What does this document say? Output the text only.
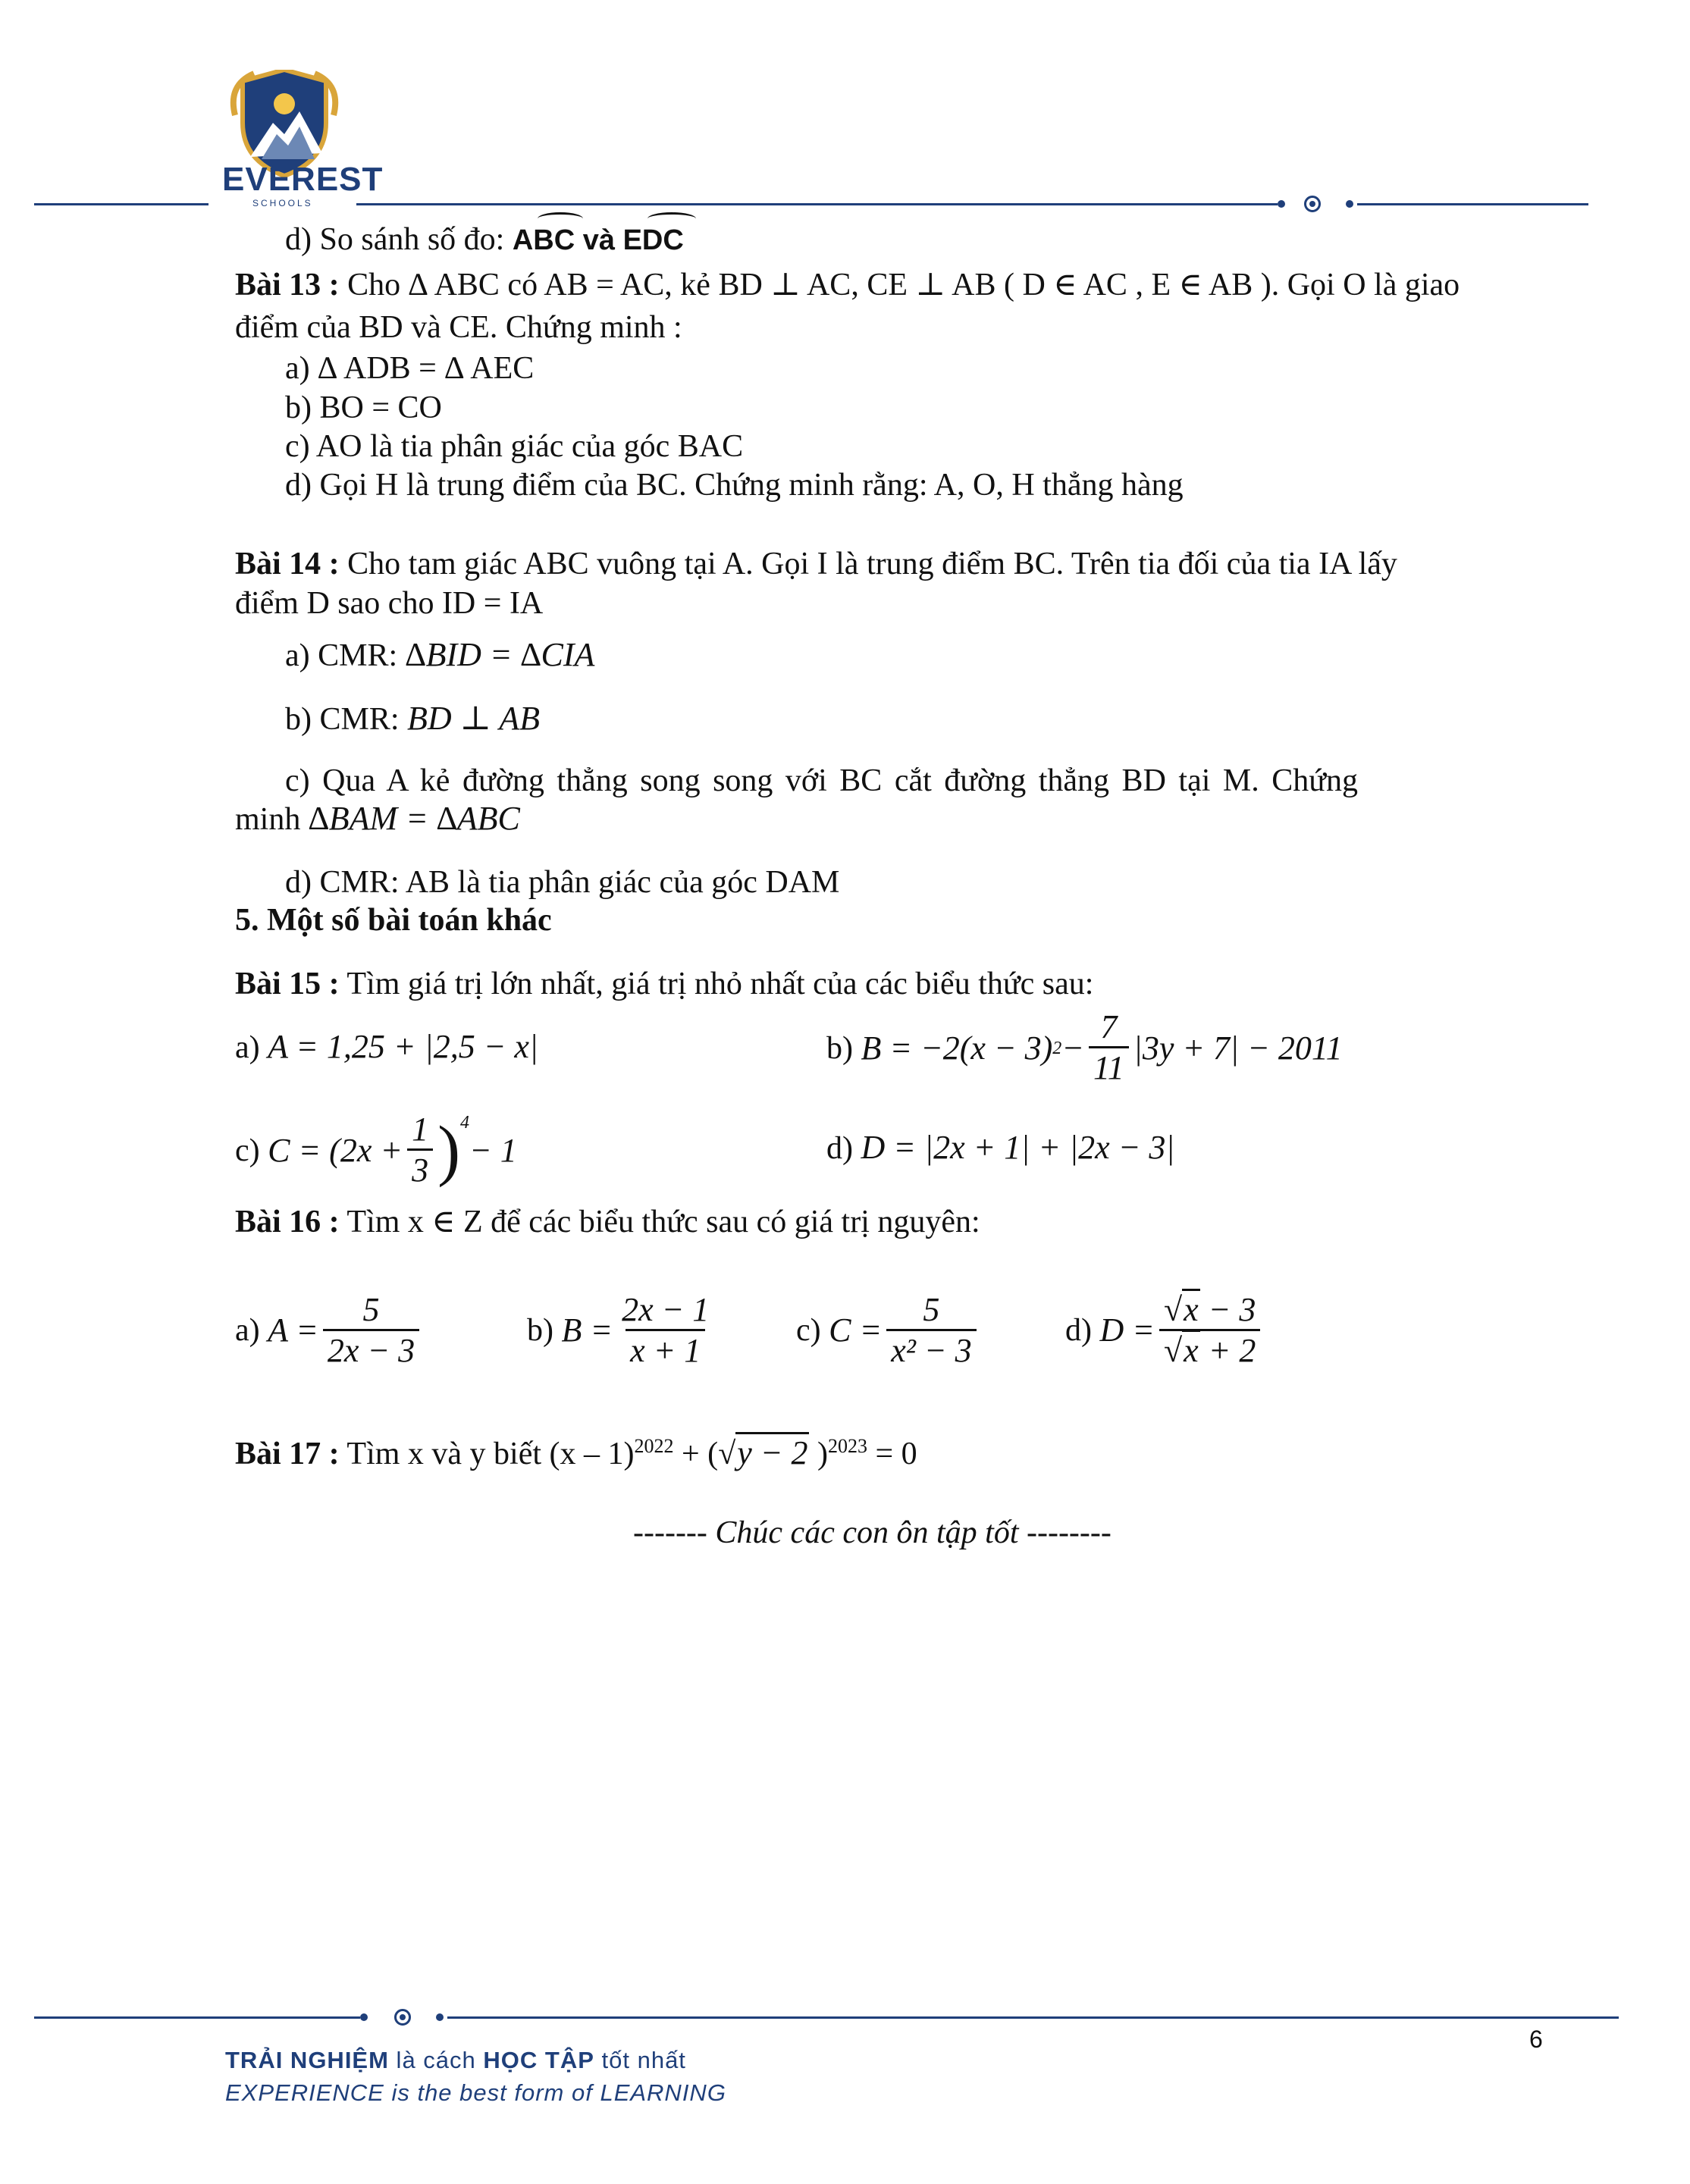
EVEREST
SCHOOLS
d) So sánh số đo: ABC và EDC
Bài 13 : Cho ∆ ABC có AB = AC, kẻ BD ⊥ AC, CE ⊥ AB ( D ∈ AC , E ∈ AB ). Gọi O là giao
điểm của BD và CE. Chứng minh :
a) ∆ ADB = ∆ AEC
b) BO = CO
c) AO là tia phân giác của góc BAC
d) Gọi H là trung điểm của BC. Chứng minh rằng: A, O, H thẳng hàng
Bài 14 : Cho tam giác ABC vuông tại A. Gọi I là trung điểm BC. Trên tia đối của tia IA lấy
điểm D sao cho ID = IA
a) CMR: ∆BID = ∆CIA
b) CMR: BD ⊥ AB
c) Qua A kẻ đường thẳng song song với BC cắt đường thẳng BD tại M. Chứng
minh ∆BAM = ∆ABC
d) CMR: AB là tia phân giác của góc DAM
5. Một số bài toán khác
Bài 15 : Tìm giá trị lớn nhất, giá trị nhỏ nhất của các biểu thức sau:
a) A = 1,25 + |2,5 − x|	b)
B = −2(x − 3) $2 - \frac{7}{11} |3y + 7| - 2011$
c)
$C = (2x + \frac{1}{3} )^4$
− 1	d) D = |2x + 1| + |2x − 3|
Bài 16 : Tìm x ∈ Z để các biểu thức sau có giá trị nguyên:
a)
$A = \frac{5}{2x - 3}$	b)
$B = \frac{2x - 1}{x + 1}$	c)
$C = \frac{5}{\text{x² − 3}}$	d)
$D = \frac{√x - 3}{√x + 2}$
Bài 17 : Tìm x và y biết (x – 1)$^{2022}$ + (√y − 2 )$^{2023}$ = 0
------- Chúc các con ôn tập tốt --------
TRẢI NGHIỆM là cách HỌC TẬP tốt nhất
EXPERIENCE is the best form of LEARNING
6
